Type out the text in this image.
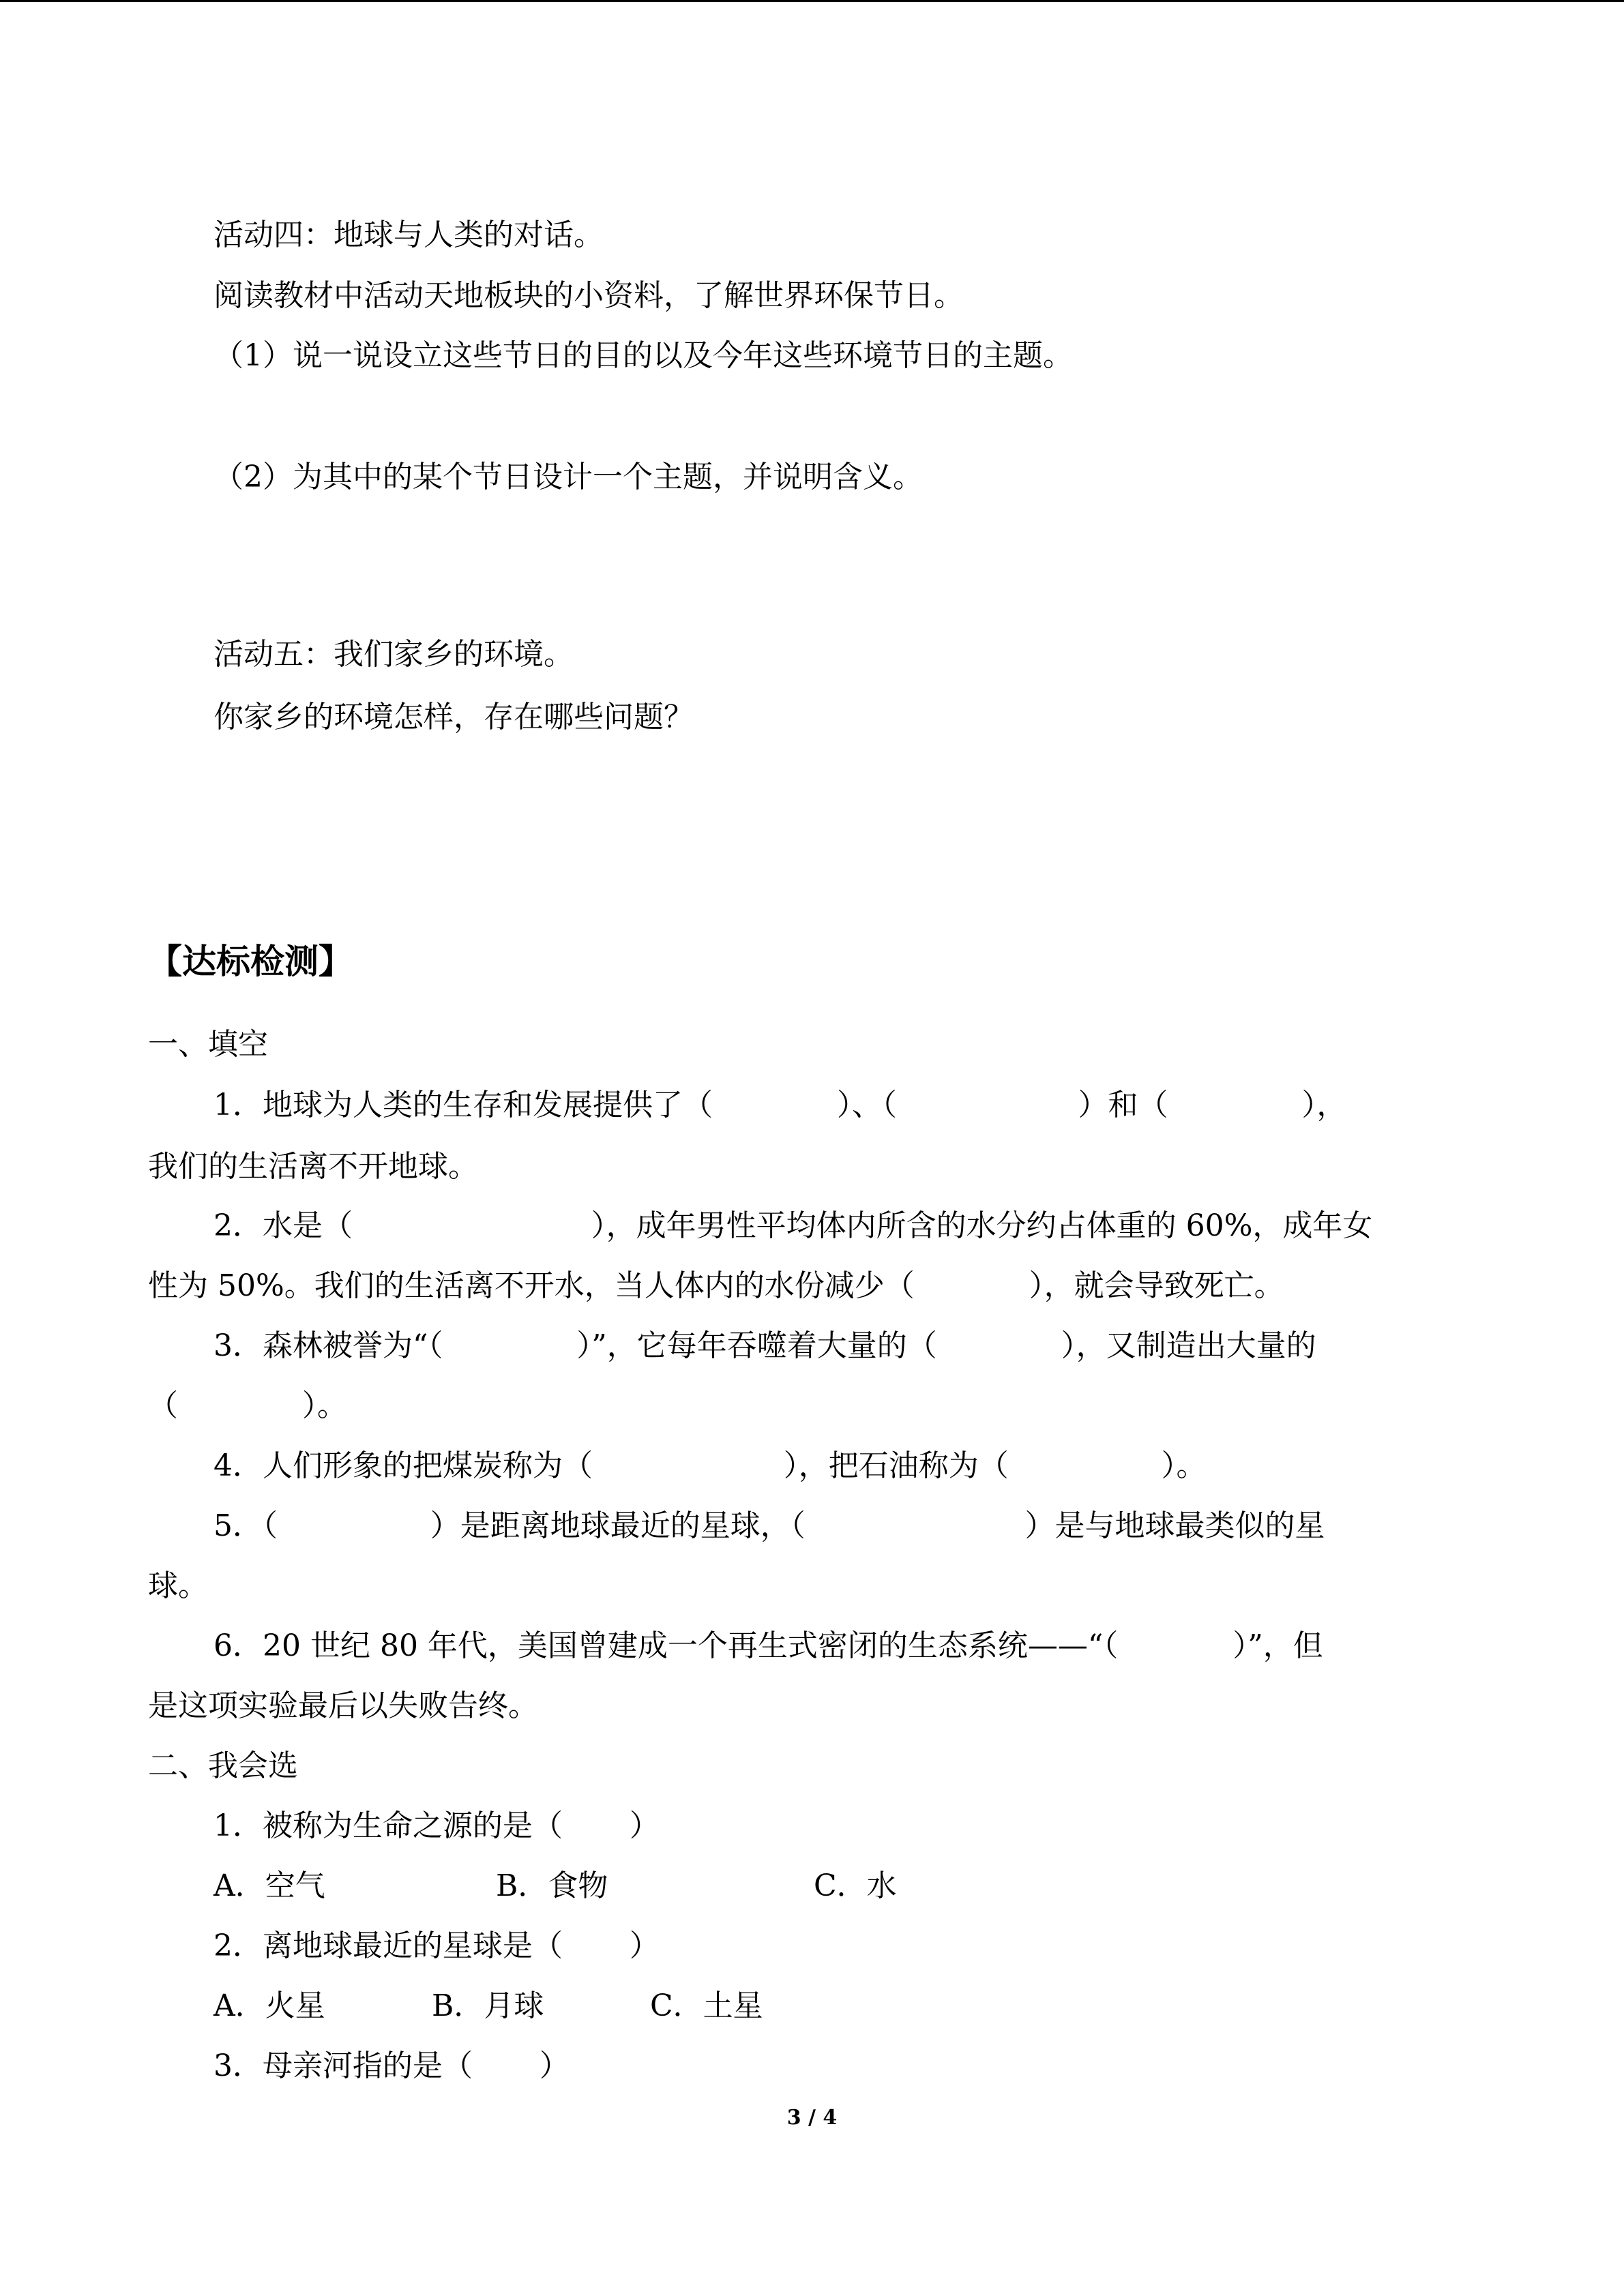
活动四：地球与人类的对话。
阅读教材中活动天地板块的小资料，了解世界环保节日。
（1）说一说设立这些节日的目的以及今年这些环境节日的主题。
（2）为其中的某个节日设计一个主题，并说明含义。
活动五：我们家乡的环境。
你家乡的环境怎样，存在哪些问题？
【达标检测】
一、填空
1．地球为人类的生存和发展提供了（             ）、（                   ）和（              ），
我们的生活离不开地球。
2．水是（                         ），成年男性平均体内所含的水分约占体重的 60%，成年女
性为 50%。我们的生活离不开水，当人体内的水份减少（            ），就会导致死亡。
3．森林被誉为“（              ）”，它每年吞噬着大量的（             ），又制造出大量的
（             ）。
4．人们形象的把煤炭称为（                    ），把石油称为（                ）。
5．（                ）是距离地球最近的星球，（                       ）是与地球最类似的星
球。
6．20 世纪 80 年代，美国曾建成一个再生式密闭的生态系统——“（            ）”，但
是这项实验最后以失败告终。
二、我会选
1．被称为生命之源的是（       ）
A．空气	B．食物	C．水
2．离地球最近的星球是（       ）
A．火星	B．月球	C．土星
3．母亲河指的是（       ）
3 / 4
